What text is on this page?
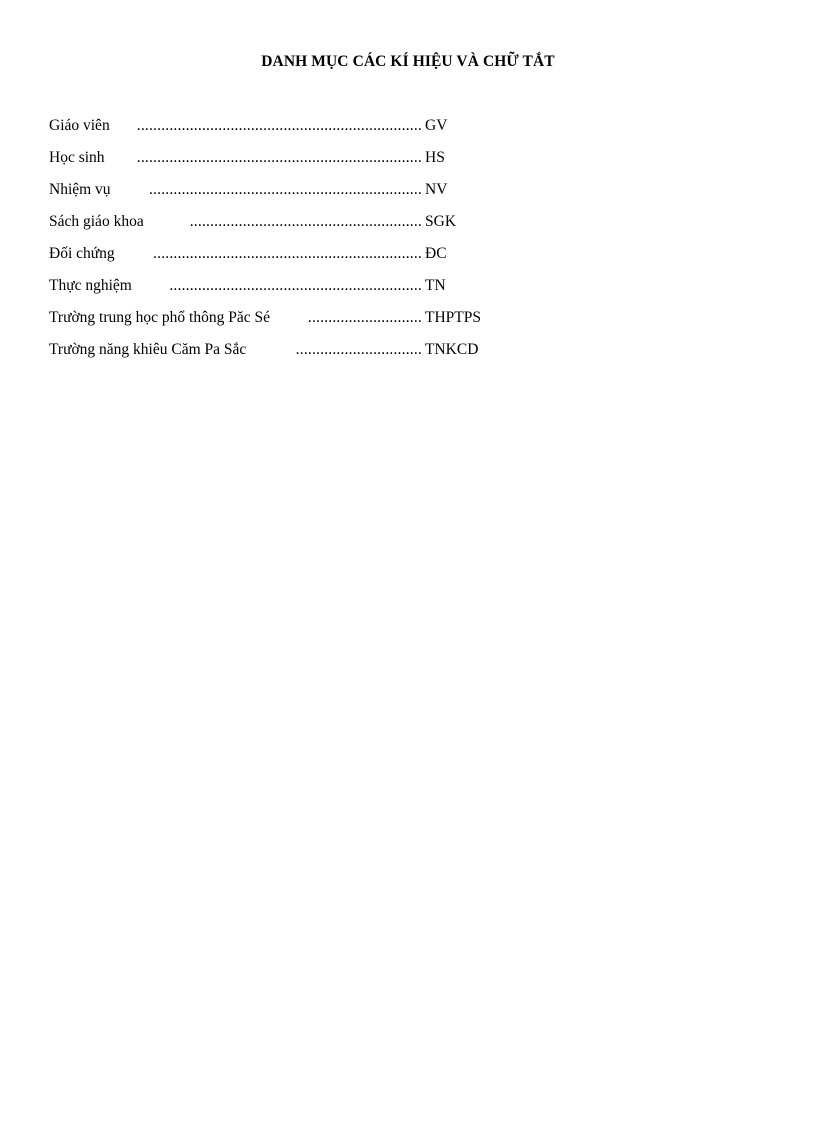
DANH MỤC CÁC KÍ HIỆU VÀ CHỮ TẮT
Giáo viên	...................................................................... GV
Học sinh	...................................................................... HS
Nhiệm vụ	................................................................... NV
Sách giáo khoa	......................................................... SGK
Đối chứng	.................................................................. ĐC
Thực nghiệm	.............................................................. TN
Trường trung học phổ thông Păc Sé	............................ THPTPS
Trường năng khiêu Căm Pa Sắc	............................... TNKCD
